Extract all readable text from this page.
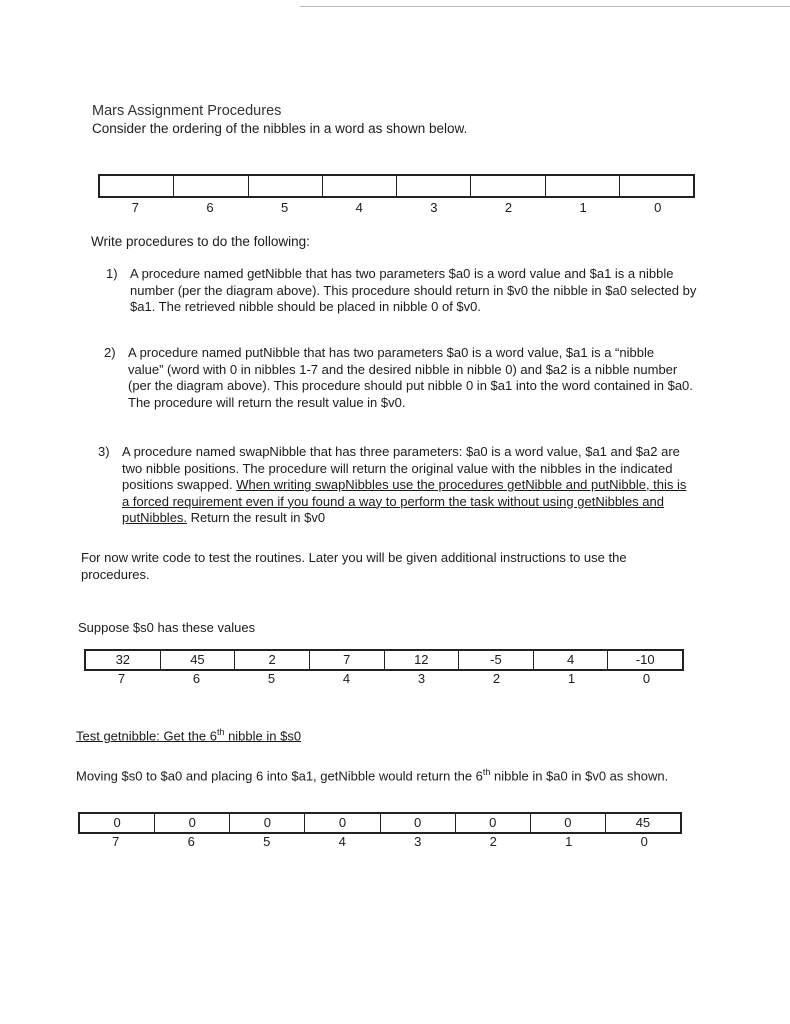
Mars Assignment Procedures
Consider the ordering of the nibbles in a word as shown below.
7	6	5	4	3	2	1	0
Write procedures to do the following:
1) A procedure named getNibble that has two parameters $a0 is a word value and $a1 is a nibble number (per the diagram above). This procedure should return in $v0 the nibble in $a0 selected by $a1. The retrieved nibble should be placed in nibble 0 of $v0.
2) A procedure named putNibble that has two parameters $a0 is a word value, $a1 is a “nibble value” (word with 0 in nibbles 1-7 and the desired nibble in nibble 0) and $a2 is a nibble number (per the diagram above). This procedure should put nibble 0 in $a1 into the word contained in $a0. The procedure will return the result value in $v0.
3) A procedure named swapNibble that has three parameters: $a0 is a word value, $a1 and $a2 are two nibble positions. The procedure will return the original value with the nibbles in the indicated positions swapped. When writing swapNibbles use the procedures getNibble and putNibble, this is a forced requirement even if you found a way to perform the task without using getNibbles and putNibbles. Return the result in $v0
For now write code to test the routines. Later you will be given additional instructions to use the procedures.
Suppose $s0 has these values
32	45	2	7	12	-5	4	-10
7	6	5	4	3	2	1	0
Test getnibble: Get the 6th nibble in $s0
Moving $s0 to $a0 and placing 6 into $a1, getNibble would return the 6th nibble in $a0 in $v0 as shown.
0	0	0	0	0	0	0	45
7	6	5	4	3	2	1	0
